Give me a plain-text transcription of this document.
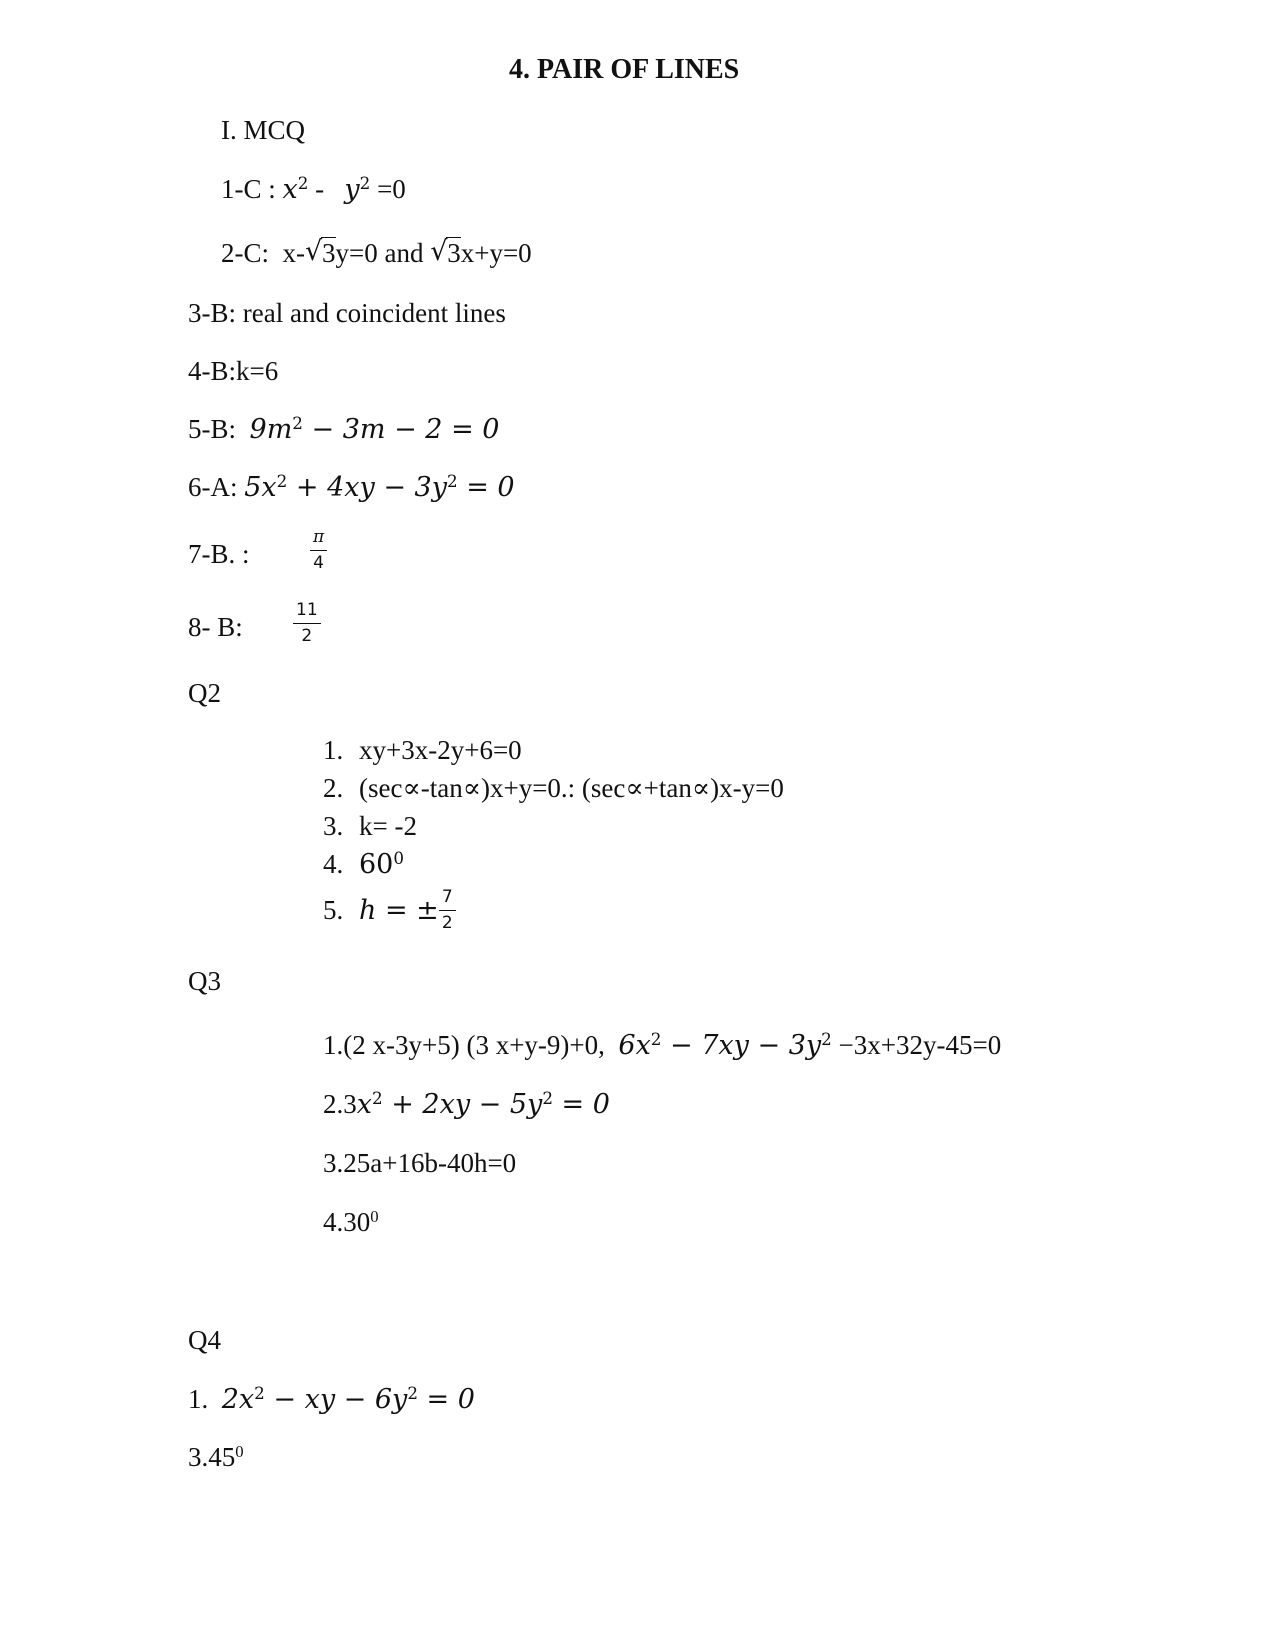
4. PAIR OF LINES
I. MCQ
1-C : $x^2 - y^2 =0$
2-C:  x-√ 3y=0 and √ 3x+y=0
3-B: real and coincident lines
4-B:k=6
5-B:  $9m^2 - 3m - 2 = 0$
6-A: $5x^2 + 4xy - 3y^2 = 0$
7-B. :	$\frac{\pi}{4}$
8- B:	$\frac{11}{2}$
Q2
1. xy+3x-2y+6=0
2. (sec∝-tan∝)x+y=0.: (sec∝+tan∝)x-y=0
3. k= -2
4. $60^0$
5. h = ± $\frac{7}{2}$
Q3
1.(2 x-3y+5) (3 x+y-9)+0,  $6x^2 - 7xy - 3y^2 -3x+32y-45=0$
$2.3x^2 + 2xy - 5y^2 = 0$
3.25a+16b-40h=0
4.30$^0$
Q4
1.  $2x^2$ − xy − $6y^2 = 0$
3.45$^0$
